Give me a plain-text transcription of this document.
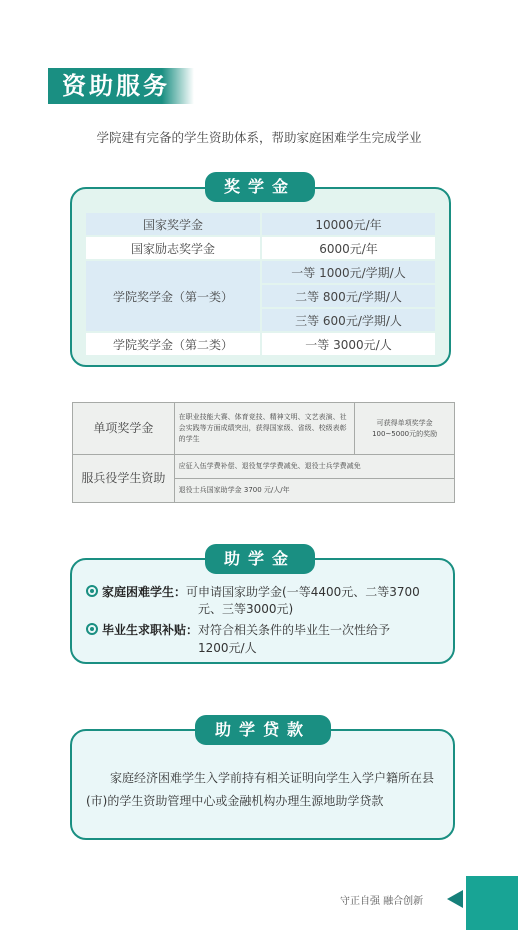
资助服务
学院建有完备的学生资助体系，帮助家庭困难学生完成学业
奖学金
国家奖学金	10000元/年
国家励志奖学金	6000元/年
学院奖学金（第一类）	一等 1000元/学期/人
	二等 800元/学期/人
	三等 600元/学期/人
学院奖学金（第二类）	一等 3000元/人
单项奖学金	在职业技能大赛、体育竞技、精神文明、文艺表演、社会实践等方面成绩突出，获得国家级、省级、校级表彰的学生	可获得单项奖学金100~5000元的奖励
服兵役学生资助	应征入伍学费补偿、退役复学学费减免、退役士兵学费减免	
	退役士兵国家助学金 3700 元/人/年	
助学金
家庭困难学生：可申请国家助学金(一等4400元、二等3700
元、三等3000元)
毕业生求职补贴：对符合相关条件的毕业生一次性给予
1200元/人
助学贷款
家庭经济困难学生入学前持有相关证明向学生入学户籍所在县(市)的学生资助管理中心或金融机构办理生源地助学贷款
守正自强 融合创新
